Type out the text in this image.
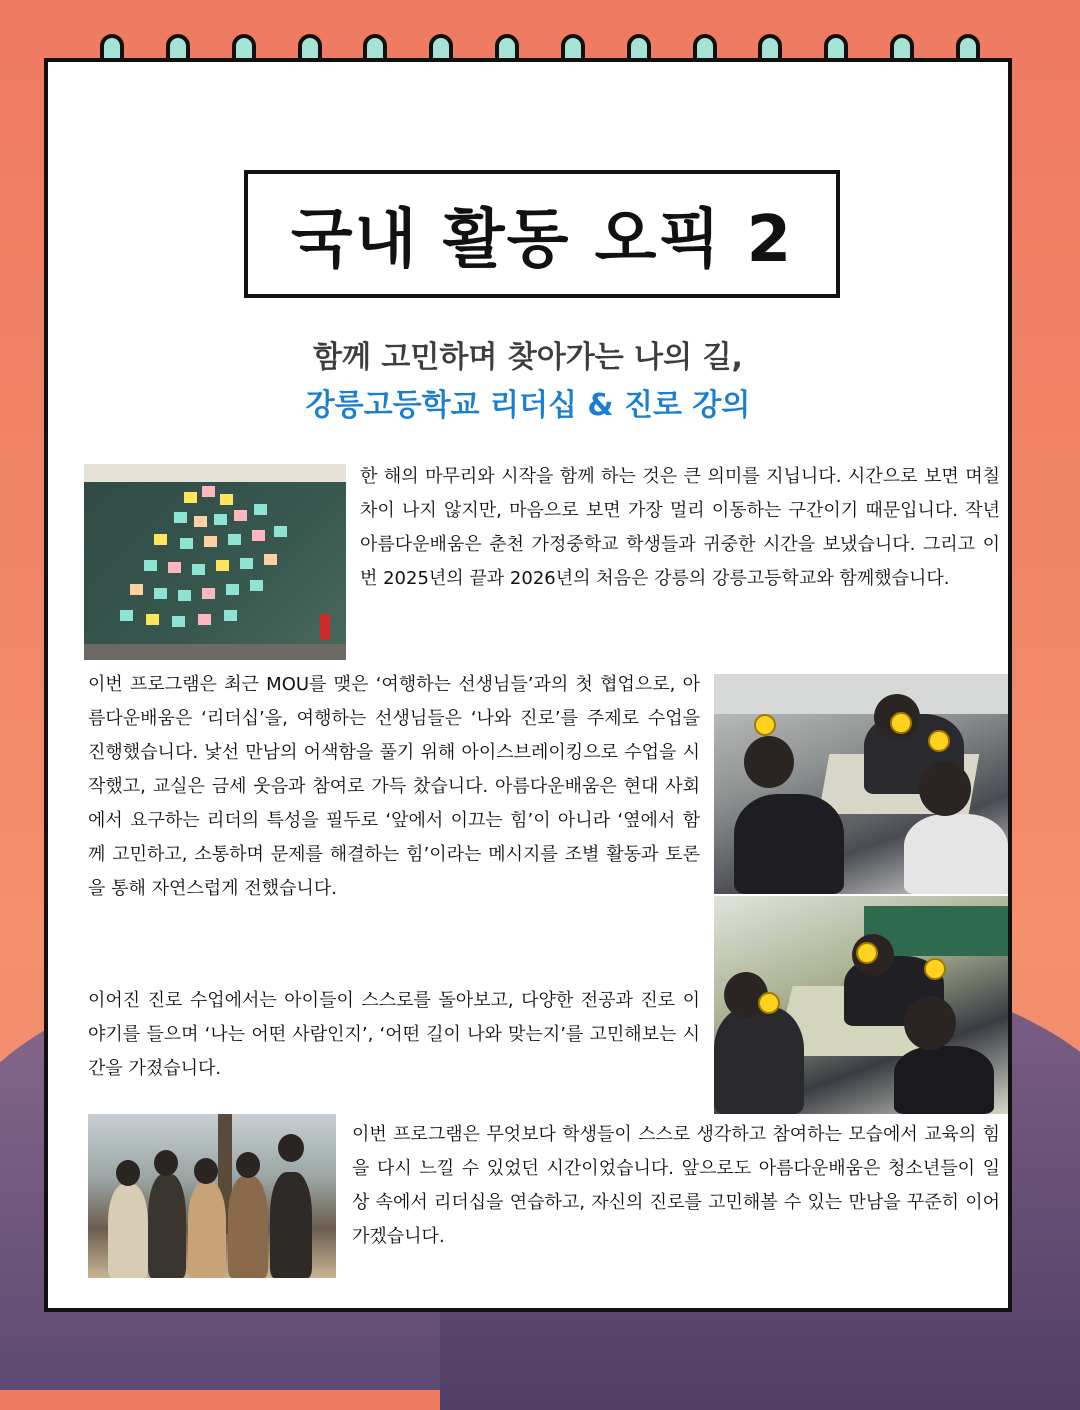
국내 활동 오픽 2
함께 고민하며 찾아가는 나의 길,
강릉고등학교 리더십 & 진로 강의

한 해의 마무리와 시작을 함께 하는 것은 큰 의미를 지닙니다. 시간으로 보면 며칠 차이 나지 않지만, 마음으로 보면 가장 멀리 이동하는 구간이기 때문입니다. 작년 아름다운배움은 춘천 가정중학교 학생들과 귀중한 시간을 보냈습니다. 그리고 이번 2025년의 끝과 2026년의 처음은 강릉의 강릉고등학교와 함께했습니다.

이번 프로그램은 최근 MOU를 맺은 ‘여행하는 선생님들’과의 첫 협업으로, 아름다운배움은 ‘리더십’을, 여행하는 선생님들은 ‘나와 진로’를 주제로 수업을 진행했습니다. 낯선 만남의 어색함을 풀기 위해 아이스브레이킹으로 수업을 시작했고, 교실은 금세 웃음과 참여로 가득 찼습니다. 아름다운배움은 현대 사회에서 요구하는 리더의 특성을 필두로 ‘앞에서 이끄는 힘’이 아니라 ‘옆에서 함께 고민하고, 소통하며 문제를 해결하는 힘’이라는 메시지를 조별 활동과 토론을 통해 자연스럽게 전했습니다.

이어진 진로 수업에서는 아이들이 스스로를 돌아보고, 다양한 전공과 진로 이야기를 들으며 ‘나는 어떤 사람인지’, ‘어떤 길이 나와 맞는지’를 고민해보는 시간을 가졌습니다.

이번 프로그램은 무엇보다 학생들이 스스로 생각하고 참여하는 모습에서 교육의 힘을 다시 느낄 수 있었던 시간이었습니다. 앞으로도 아름다운배움은 청소년들이 일상 속에서 리더십을 연습하고, 자신의 진로를 고민해볼 수 있는 만남을 꾸준히 이어가겠습니다.
